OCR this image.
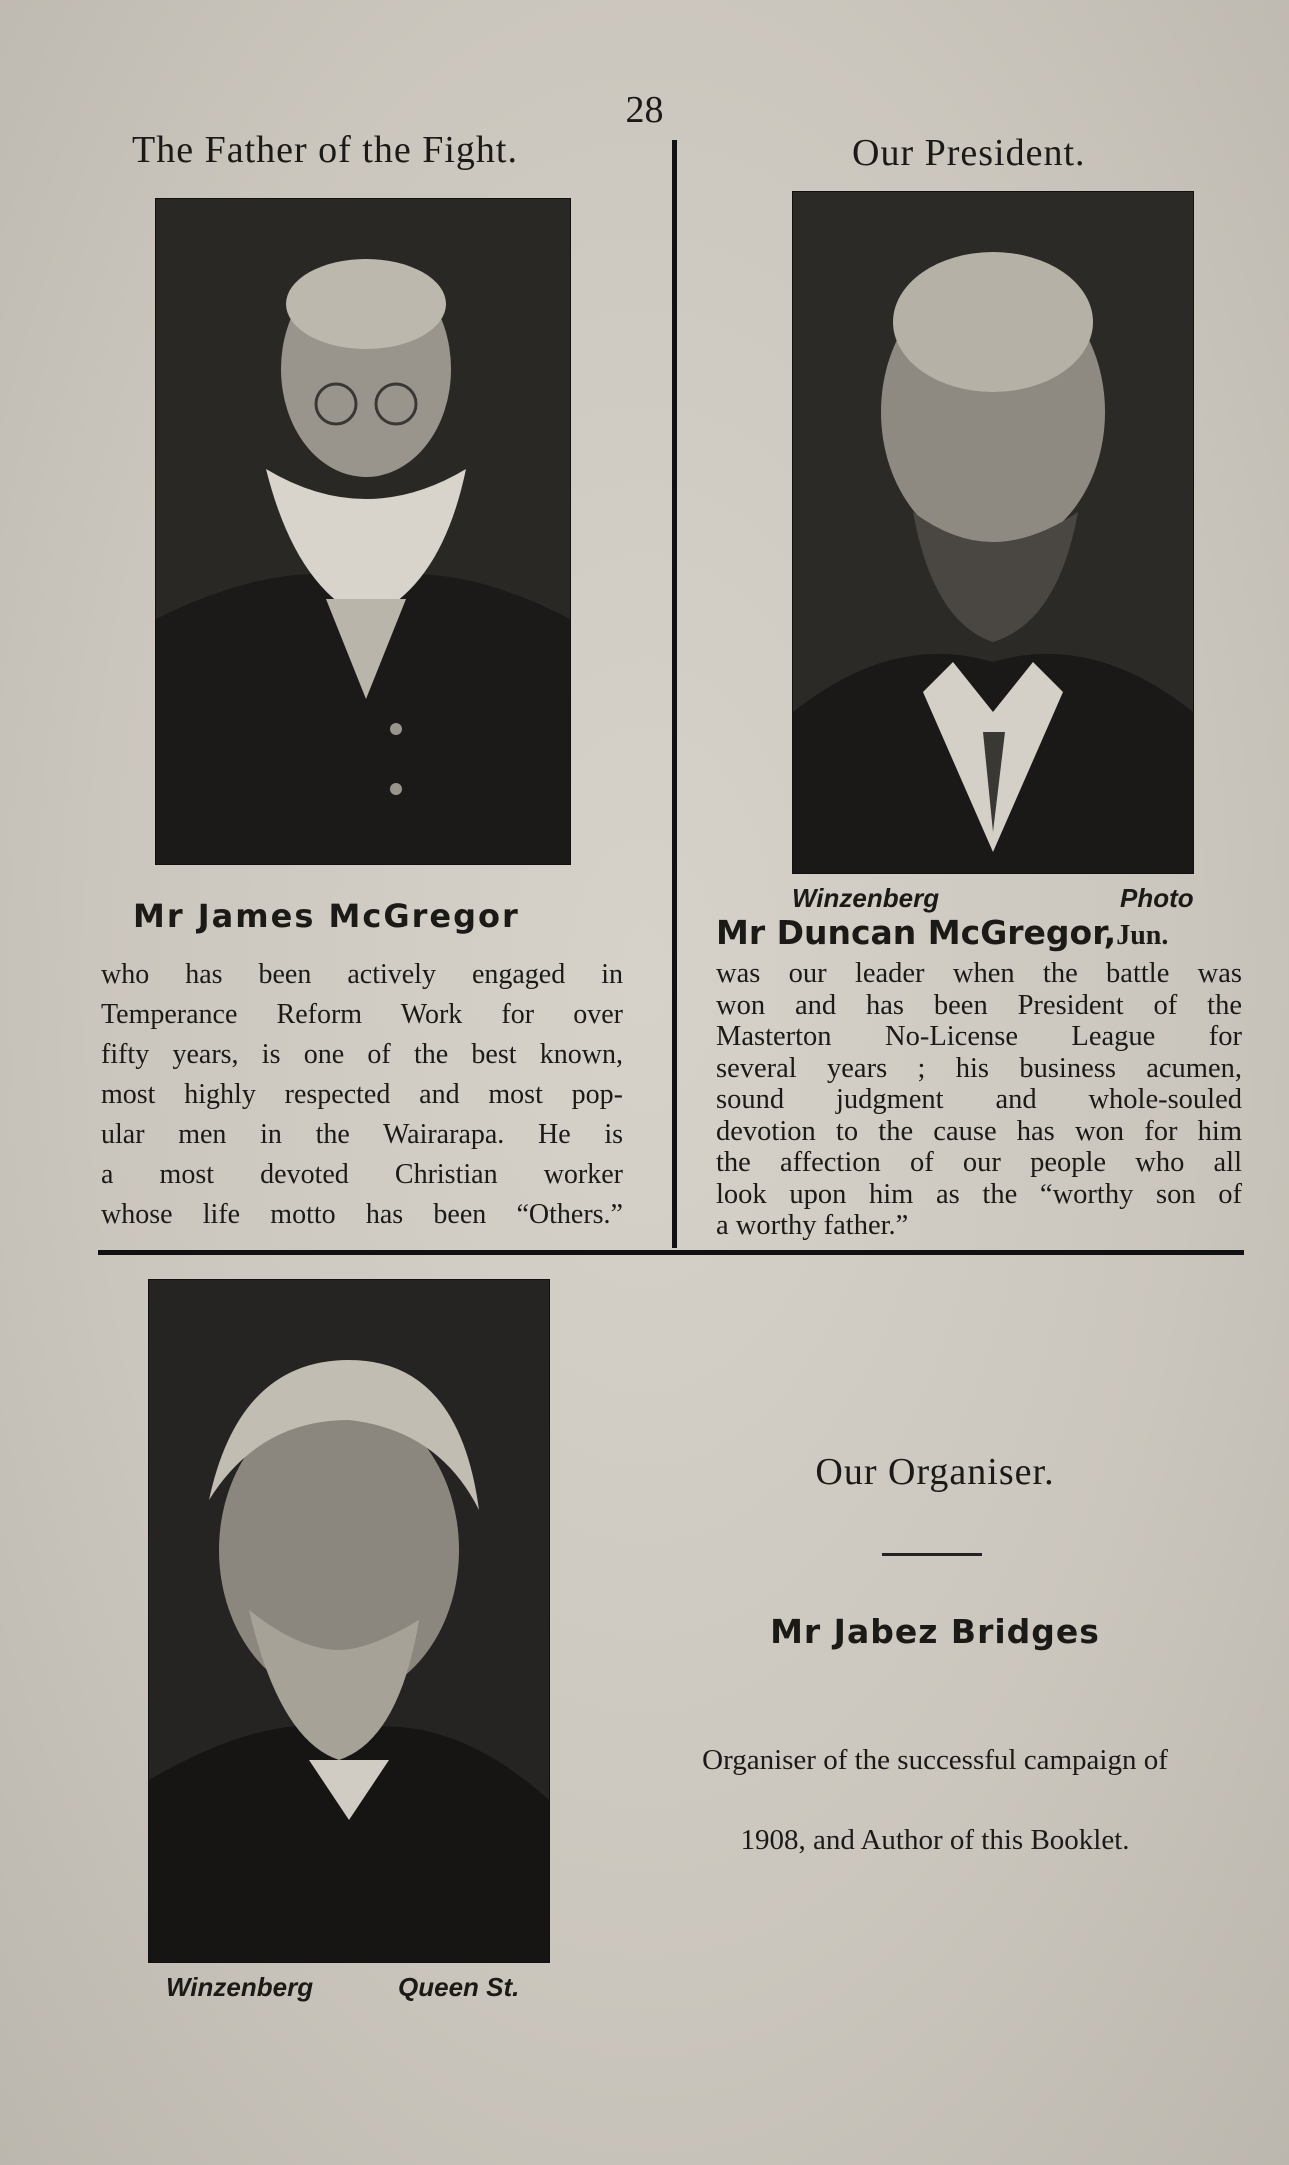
28
The Father of the Fight.
Mr James McGregor
who has been actively engaged in
Temperance Reform Work for over
fifty years, is one of the best known,
most highly respected and most pop-
ular men in the Wairarapa. He is
a most devoted Christian worker
whose life motto has been “Others.”
Our President.
Winzenberg	Photo
Mr Duncan McGregor,Jun.
was our leader when the battle was
won and has been President of the
Masterton No-License League for
several years ; his business acumen,
sound judgment and whole-souled
devotion to the cause has won for him
the affection of our people who all
look upon him as the “worthy son of
a worthy father.”
Winzenberg	Queen St.
Our Organiser.
Mr Jabez Bridges
Organiser of the successful campaign of
1908, and Author of this Booklet.
